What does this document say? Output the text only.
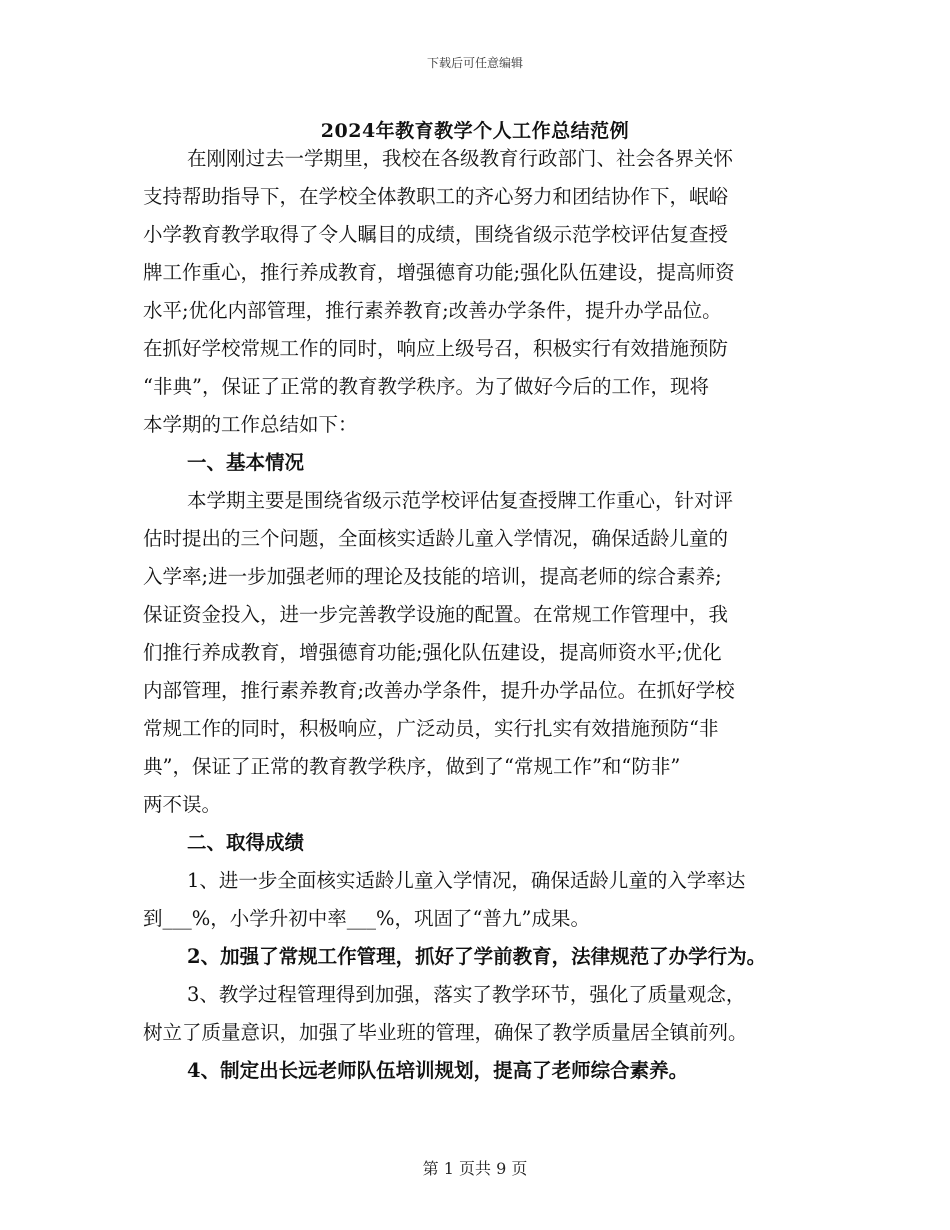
下载后可任意编辑
2024年教育教学个人工作总结范例
在刚刚过去一学期里，我校在各级教育行政部门、社会各界关怀
支持帮助指导下，在学校全体教职工的齐心努力和团结协作下，岷峪
小学教育教学取得了令人瞩目的成绩，围绕省级示范学校评估复查授
牌工作重心，推行养成教育，增强德育功能;强化队伍建设，提高师资
水平;优化内部管理，推行素养教育;改善办学条件，提升办学品位。
在抓好学校常规工作的同时，响应上级号召，积极实行有效措施预防
“非典”，保证了正常的教育教学秩序。为了做好今后的工作，现将
本学期的工作总结如下：
一、基本情况
本学期主要是围绕省级示范学校评估复查授牌工作重心，针对评
估时提出的三个问题，全面核实适龄儿童入学情况，确保适龄儿童的
入学率;进一步加强老师的理论及技能的培训，提高老师的综合素养;
保证资金投入，进一步完善教学设施的配置。在常规工作管理中，我
们推行养成教育，增强德育功能;强化队伍建设，提高师资水平;优化
内部管理，推行素养教育;改善办学条件，提升办学品位。在抓好学校
常规工作的同时，积极响应，广泛动员，实行扎实有效措施预防“非
典”，保证了正常的教育教学秩序，做到了“常规工作”和“防非”
两不误。
二、取得成绩
1、进一步全面核实适龄儿童入学情况，确保适龄儿童的入学率达
到___%，小学升初中率___%，巩固了“普九”成果。
2、加强了常规工作管理，抓好了学前教育，法律规范了办学行为。
3、教学过程管理得到加强，落实了教学环节，强化了质量观念，
树立了质量意识，加强了毕业班的管理，确保了教学质量居全镇前列。
4、制定出长远老师队伍培训规划，提高了老师综合素养。
第 1 页共 9 页
